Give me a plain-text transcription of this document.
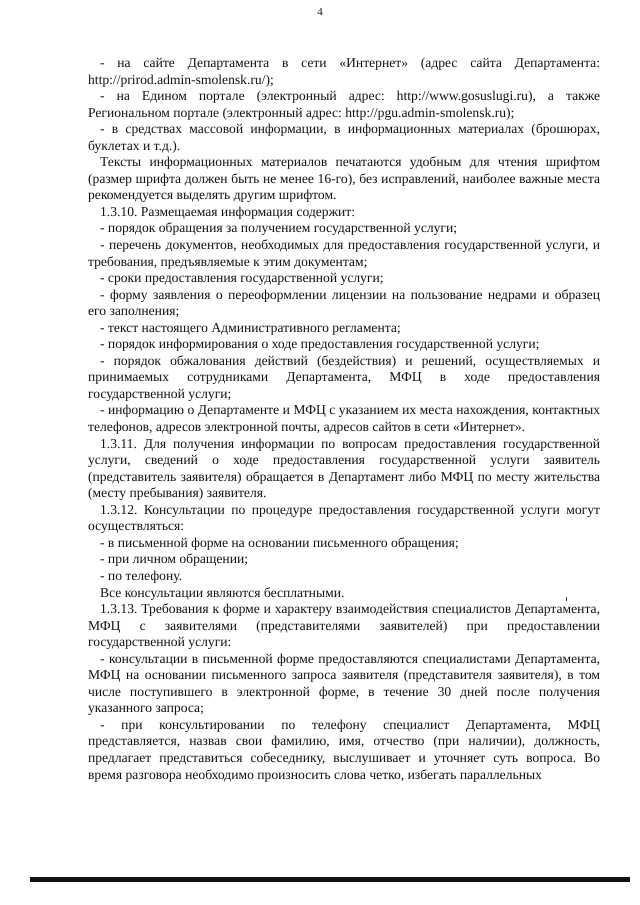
4

- на сайте Департамента в сети «Интернет» (адрес сайта Департамента: http://prirod.admin-smolensk.ru/);

- на Едином портале (электронный адрес: http://www.gosuslugi.ru), а также Региональном портале (электронный адрес: http://pgu.admin-smolensk.ru);

- в средствах массовой информации, в информационных материалах (брошюрах, буклетах и т.д.).

Тексты информационных материалов печатаются удобным для чтения шрифтом (размер шрифта должен быть не менее 16-го), без исправлений, наиболее важные места рекомендуется выделять другим шрифтом.

1.3.10. Размещаемая информация содержит:

- порядок обращения за получением государственной услуги;

- перечень документов, необходимых для предоставления государственной услуги, и требования, предъявляемые к этим документам;

- сроки предоставления государственной услуги;

- форму заявления о переоформлении лицензии на пользование недрами и образец его заполнения;

- текст настоящего Административного регламента;

- порядок информирования о ходе предоставления государственной услуги;

- порядок обжалования действий (бездействия) и решений, осуществляемых и принимаемых сотрудниками Департамента, МФЦ в ходе предоставления государственной услуги;

- информацию о Департаменте и МФЦ с указанием их места нахождения, контактных телефонов, адресов электронной почты, адресов сайтов в сети «Интернет».

1.3.11. Для получения информации по вопросам предоставления государственной услуги, сведений о ходе предоставления государственной услуги заявитель (представитель заявителя) обращается в Департамент либо МФЦ по месту жительства (месту пребывания) заявителя.

1.3.12. Консультации по процедуре предоставления государственной услуги могут осуществляться:

- в письменной форме на основании письменного обращения;

- при личном обращении;

- по телефону.

Все консультации являются бесплатными.

1.3.13. Требования к форме и характеру взаимодействия специалистов Департамента, МФЦ с заявителями (представителями заявителей) при предоставлении государственной услуги:

- консультации в письменной форме предоставляются специалистами Департамента, МФЦ на основании письменного запроса заявителя (представителя заявителя), в том числе поступившего в электронной форме, в течение 30 дней после получения указанного запроса;

- при консультировании по телефону специалист Департамента, МФЦ представляется, назвав свои фамилию, имя, отчество (при наличии), должность, предлагает представиться собеседнику, выслушивает и уточняет суть вопроса. Во время разговора необходимо произносить слова четко, избегать параллельных
